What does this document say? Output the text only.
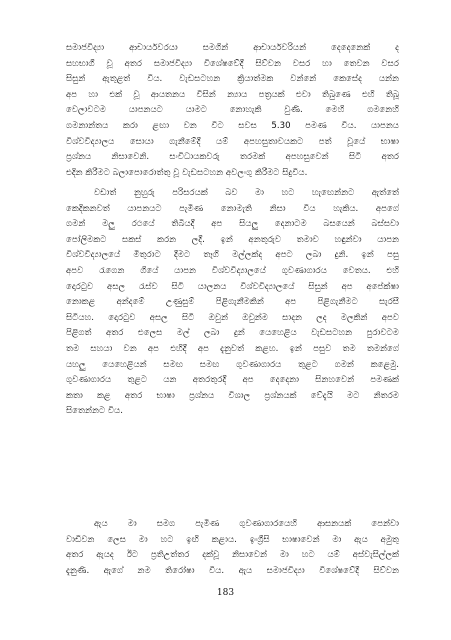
සමාජවිද්‍යා ආචාර්යවරයා සමගින් ආචාර්යවරියන් දෙදෙනෙක් ද
සහභාගී වූ අතර සමාජවිද්‍යා විශේෂවේදී සිව්වන වසර හා තෙවන වසර
සිසුන් ඇතුළත් විය. වැඩසටහන ක්‍රියාත්මක වන්නේ කෙසේද යන්න
අප හා එක් වූ ආයතනය විසින් න්‍යාය පත්‍රයක් එවා තිබුණෙ එහි තිබූ
වෙලාවටම යාපනයට යාමට නොහැකි වුණි. මෙහි ගමනෙහි
ගමනාන්තය කරා ළඟා වන විට සවස 5.30 පමණ විය. යාපනය
විශ්වවිද්‍යාලය සොයා ගැනීමේදී යම් අපහසුතාවයකට පත් වූයේ භාෂා
ප්‍රශ්නය නිසාවෙනි. සංවිධායකවරු තරමක් අපහසුවෙන් සිටි අතර
එදින කිරීමට බලාපොරොත්තු වූ වැඩසටහන අවලංගු කිරීමට සිදුවිය.
වඩාත් නුහුරු පරිසරයක් බව මා හට හැඟෙන්නට ඇත්තේ
කෙදිකනවත් යාපනයට පැමිණ නොමැති නිසා විය හැකිය. අපගේ
ගමන් මලු රථයේ තිබියදී අප සියලු දෙනාටම බසයෙන් බස්සවා
පෝලිමකට සකස් කරන ලදී. ඉන් අනතුරුව තමාව හඳුන්වා යාපන
විශ්වවිද්‍යාලයේ මිතුරාට දීමට තෑගි මල්ලක්ද අපට ලබා දුනි. ඉන් පසු
අපව රැගෙන ගියේ යාපන විශ්වවිද්‍යාලයේ ගුවණාගාරය වෙතය. එහි
දොරටුව අසල රැස්ව සිටි යාලනය විශ්වවිද්‍යාලයේ සිසුන් අප අපේක්ෂා
නොකළ අන්දමේ උණුසුම් පිළිගැනීමකින් අප පිළිගැනීමට සැරසී
සිටියහ. දොරටුව අසල සිටි ඔවුන් ඔවුන්ම සාදන ලද මලකින් අපව
පිළිගත් අතර එලෙස මල් ලබා දුන් යෙහෙළිය වැඩසටහන පුරාවටම
තම සහයා වන අප එහිදී අප දැනුවත් කළහ. ඉන් පසුව තම තමන්ගේ
යහලු යෙහෙළියන් සමඟ සමඟ ගුවණාගාරය තුළට ගමන් කළෙමු.
ගුවණාගාරය තුළට යන අතරතුරදී අප දෙදෙනා සිනහවෙන් පමණක්
කතා කළ අතර භාෂා ප්‍රශ්නය විශාල ප්‍රශ්නයක් වේදැයි මට නිතරම
සිතෙන්නට විය.
ඇය මා සමග පැමිණ ගුවණාගාරයෙහි ආසනයක් පෙන්වා
වාඩිවන ලෙස මා හට ඉඟි කළාය. ඉංග්‍රීසි භාෂාවෙන් මා ඇය අමුතු
අතර ඇයද ඊට ප්‍රතිඋත්තර දක්වූ නිසාවෙන් මා හට යම් අස්වැසිල්ලක්
දැනුණි. ඇගේ නම තිරෝෂා විය. ඇය සමාජවිද්‍යා විශේෂවේදී සිව්වන
183
